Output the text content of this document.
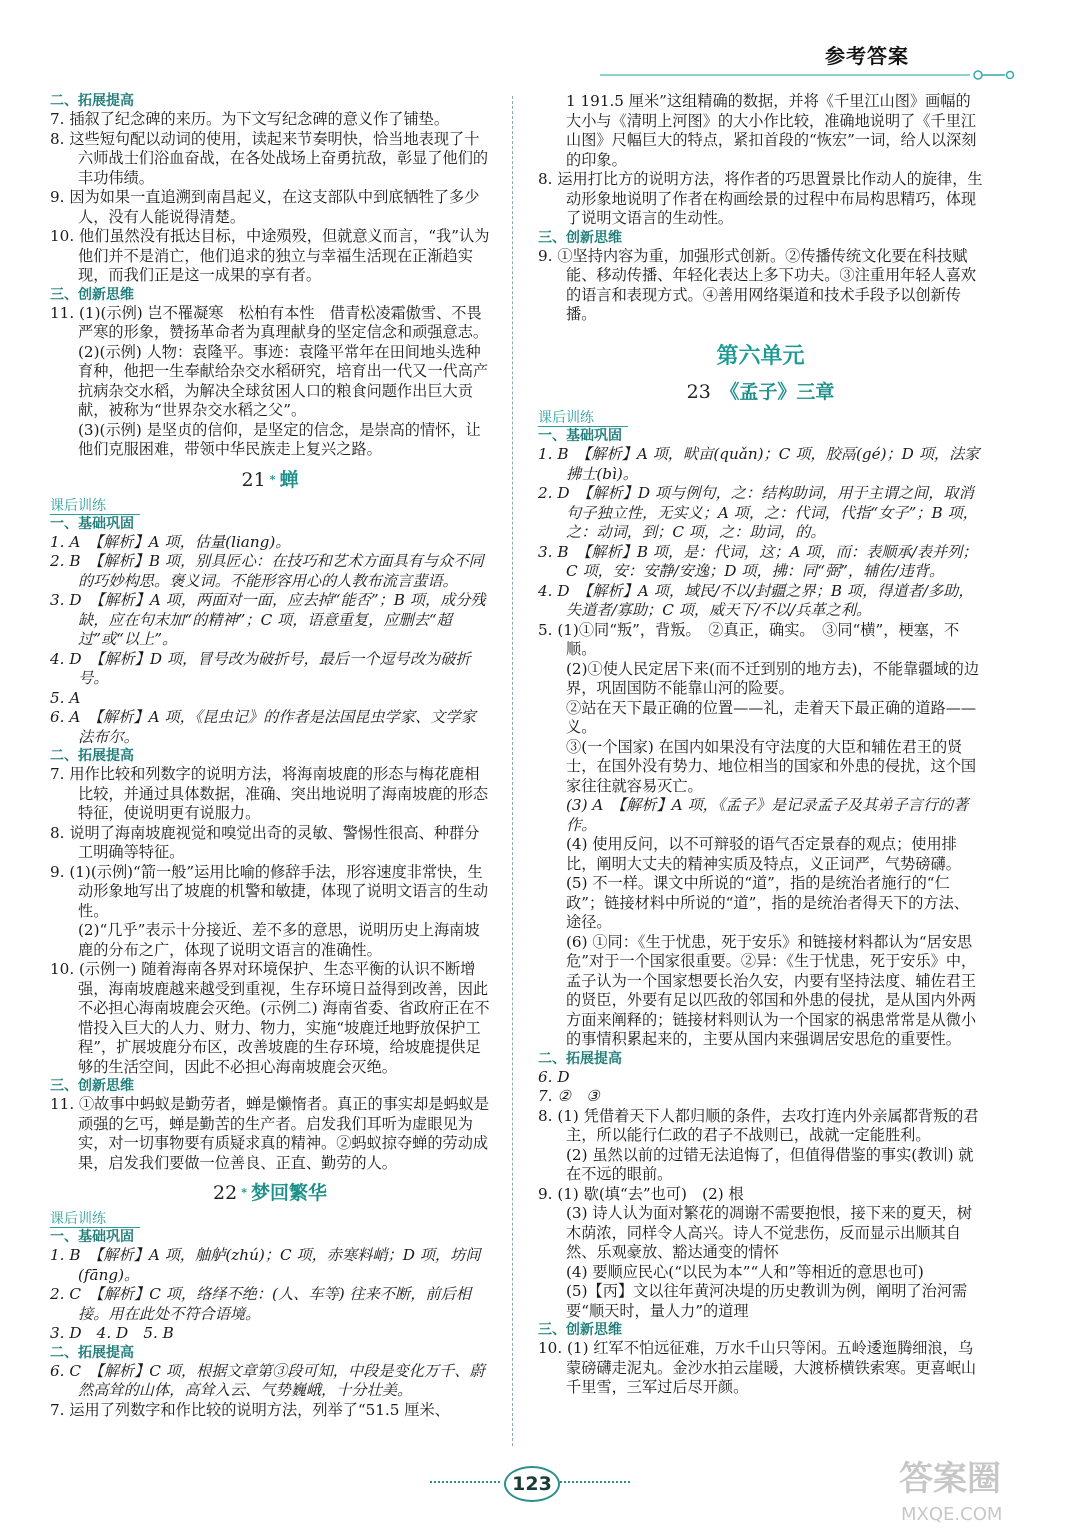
参考答案
二、拓展提高

7. 插叙了纪念碑的来历。为下文写纪念碑的意义作了铺垫。

8. 这些短句配以动词的使用，读起来节奏明快，恰当地表现了十六师战士们浴血奋战，在各处战场上奋勇抗敌，彰显了他们的丰功伟绩。

9. 因为如果一直追溯到南昌起义，在这支部队中到底牺牲了多少人，没有人能说得清楚。

10. 他们虽然没有抵达目标，中途殒殁，但就意义而言，“我”认为他们并不是消亡，他们追求的独立与幸福生活现在正渐趋实现，而我们正是这一成果的享有者。

三、创新思维

11. (1)(示例) 岂不罹凝寒　松柏有本性　借青松凌霜傲雪、不畏严寒的形象，赞扬革命者为真理献身的坚定信念和顽强意志。

(2)(示例) 人物：袁隆平。事迹：袁隆平常年在田间地头选种育种，他把一生奉献给杂交水稻研究，培育出一代又一代高产抗病杂交水稻，为解决全球贫困人口的粮食问题作出巨大贡献，被称为“世界杂交水稻之父”。

(3)(示例) 是坚贞的信仰，是坚定的信念，是崇高的情怀，让他们克服困难，带领中华民族走上复兴之路。

21 * 蝉
课后训练
一、基础巩固

1. A　【解析】A 项，估量(liang)。

2. B　【解析】B 项，别具匠心：在技巧和艺术方面具有与众不同的巧妙构思。褒义词。不能形容用心的人教布流言蜚语。

3. D　【解析】A 项，两面对一面，应去掉“能否”；B 项，成分残缺，应在句末加“的精神”；C 项，语意重复，应删去“超过”或“以上”。

4. D　【解析】D 项，冒号改为破折号，最后一个逗号改为破折号。

5. A

6. A　【解析】A 项，《昆虫记》的作者是法国昆虫学家、文学家法布尔。

二、拓展提高

7. 用作比较和列数字的说明方法，将海南坡鹿的形态与梅花鹿相比较，并通过具体数据，准确、突出地说明了海南坡鹿的形态特征，使说明更有说服力。

8. 说明了海南坡鹿视觉和嗅觉出奇的灵敏、警惕性很高、种群分工明确等特征。

9. (1)(示例)“箭一般”运用比喻的修辞手法，形容速度非常快，生动形象地写出了坡鹿的机警和敏捷，体现了说明文语言的生动性。

(2)“几乎”表示十分接近、差不多的意思，说明历史上海南坡鹿的分布之广，体现了说明文语言的准确性。

10. (示例一) 随着海南各界对环境保护、生态平衡的认识不断增强，海南坡鹿越来越受到重视，生存环境日益得到改善，因此不必担心海南坡鹿会灭绝。(示例二) 海南省委、省政府正在不惜投入巨大的人力、财力、物力，实施“坡鹿迁地野放保护工程”，扩展坡鹿分布区，改善坡鹿的生存环境，给坡鹿提供足够的生活空间，因此不必担心海南坡鹿会灭绝。

三、创新思维

11. ①故事中蚂蚁是勤劳者，蝉是懒惰者。真正的事实却是蚂蚁是顽强的乞丐，蝉是勤苦的生产者。启发我们耳听为虚眼见为实，对一切事物要有质疑求真的精神。②蚂蚁掠夺蝉的劳动成果，启发我们要做一位善良、正直、勤劳的人。

22 * 梦回繁华
课后训练
一、基础巩固

1. B　【解析】A 项，舳舻(zhú)；C 项，赤寒料峭；D 项，坊间(fāng)。

2. C　【解析】C 项，络绎不绝：(人、车等) 往来不断，前后相接。用在此处不符合语境。

3. D　4. D　5. B

二、拓展提高

6. C　【解析】C 项，根据文章第③段可知，中段是变化万千、蔚然高耸的山体，高耸入云、气势巍峨，十分壮美。

7. 运用了列数字和作比较的说明方法，列举了“51.5 厘米、

1 191.5 厘米”这组精确的数据，并将《千里江山图》画幅的大小与《清明上河图》的大小作比较，准确地说明了《千里江山图》尺幅巨大的特点，紧扣首段的“恢宏”一词，给人以深刻的印象。

8. 运用打比方的说明方法，将作者的巧思置景比作动人的旋律，生动形象地说明了作者在构画绘景的过程中布局构思精巧，体现了说明文语言的生动性。

三、创新思维

9. ①坚持内容为重，加强形式创新。②传播传统文化要在科技赋能、移动传播、年轻化表达上多下功夫。③注重用年轻人喜欢的语言和表现方式。④善用网络渠道和技术手段予以创新传播。

第六单元
23　 《孟子》三章
课后训练
一、基础巩固

1. B　【解析】A 项，畎亩(quǎn)；C 项，胶鬲(gé)；D 项，法家拂士(bì)。

2. D　【解析】D 项与例句，之：结构助词，用于主谓之间，取消句子独立性，无实义；A 项，之：代词，代指“女子”；B 项，之：动词，到；C 项，之：助词，的。

3. B　【解析】B 项，是：代词，这；A 项，而：表顺承/表并列；C 项，安：安静/安逸；D 项，拂：同“弼”，辅佐/违背。

4. D　【解析】A 项，域民/不以/封疆之界；B 项，得道者/多助，失道者/寡助；C 项，威天下/不以/兵革之利。

5. (1)①同“叛”，背叛。　②真正，确实。　③同“横”，梗塞，不顺。

(2)①使人民定居下来(而不迁到别的地方去)，不能靠疆域的边界，巩固国防不能靠山河的险要。

②站在天下最正确的位置——礼，走着天下最正确的道路——义。

③(一个国家) 在国内如果没有守法度的大臣和辅佐君王的贤士，在国外没有势力、地位相当的国家和外患的侵扰，这个国家往往就容易灭亡。

(3) A　【解析】A 项，《孟子》是记录孟子及其弟子言行的著作。

(4) 使用反问，以不可辩驳的语气否定景春的观点；使用排比，阐明大丈夫的精神实质及特点，义正词严，气势磅礴。

(5) 不一样。课文中所说的“道”，指的是统治者施行的“仁政”；链接材料中所说的“道”，指的是统治者得天下的方法、途径。

(6) ①同：《生于忧患，死于安乐》和链接材料都认为“居安思危”对于一个国家很重要。②异：《生于忧患，死于安乐》中，孟子认为一个国家想要长治久安，内要有坚持法度、辅佐君王的贤臣，外要有足以匹敌的邻国和外患的侵扰，是从国内外两方面来阐释的；链接材料则认为一个国家的祸患常常是从微小的事情积累起来的，主要从国内来强调居安思危的重要性。

二、拓展提高

6. D

7. ②　③

8. (1) 凭借着天下人都归顺的条件，去攻打连内外亲属都背叛的君主，所以能行仁政的君子不战则已，战就一定能胜利。

(2) 虽然以前的过错无法追悔了，但值得借鉴的事实(教训) 就在不远的眼前。

9. (1) 歇(填“去”也可)　(2) 根

(3) 诗人认为面对繁花的凋谢不需要抱恨，接下来的夏天，树木荫浓，同样令人高兴。诗人不觉悲伤，反而显示出顺其自然、乐观豪放、豁达通变的情怀

(4) 要顺应民心(“以民为本”“人和”等相近的意思也可)

(5)【丙】文以往年黄河决堤的历史教训为例，阐明了治河需要“顺天时，量人力”的道理

三、创新思维

10. (1) 红军不怕远征难，万水千山只等闲。五岭逶迤腾细浪，乌蒙磅礴走泥丸。金沙水拍云崖暖，大渡桥横铁索寒。更喜岷山千里雪，三军过后尽开颜。

123	答案圈
MXQE.COM
